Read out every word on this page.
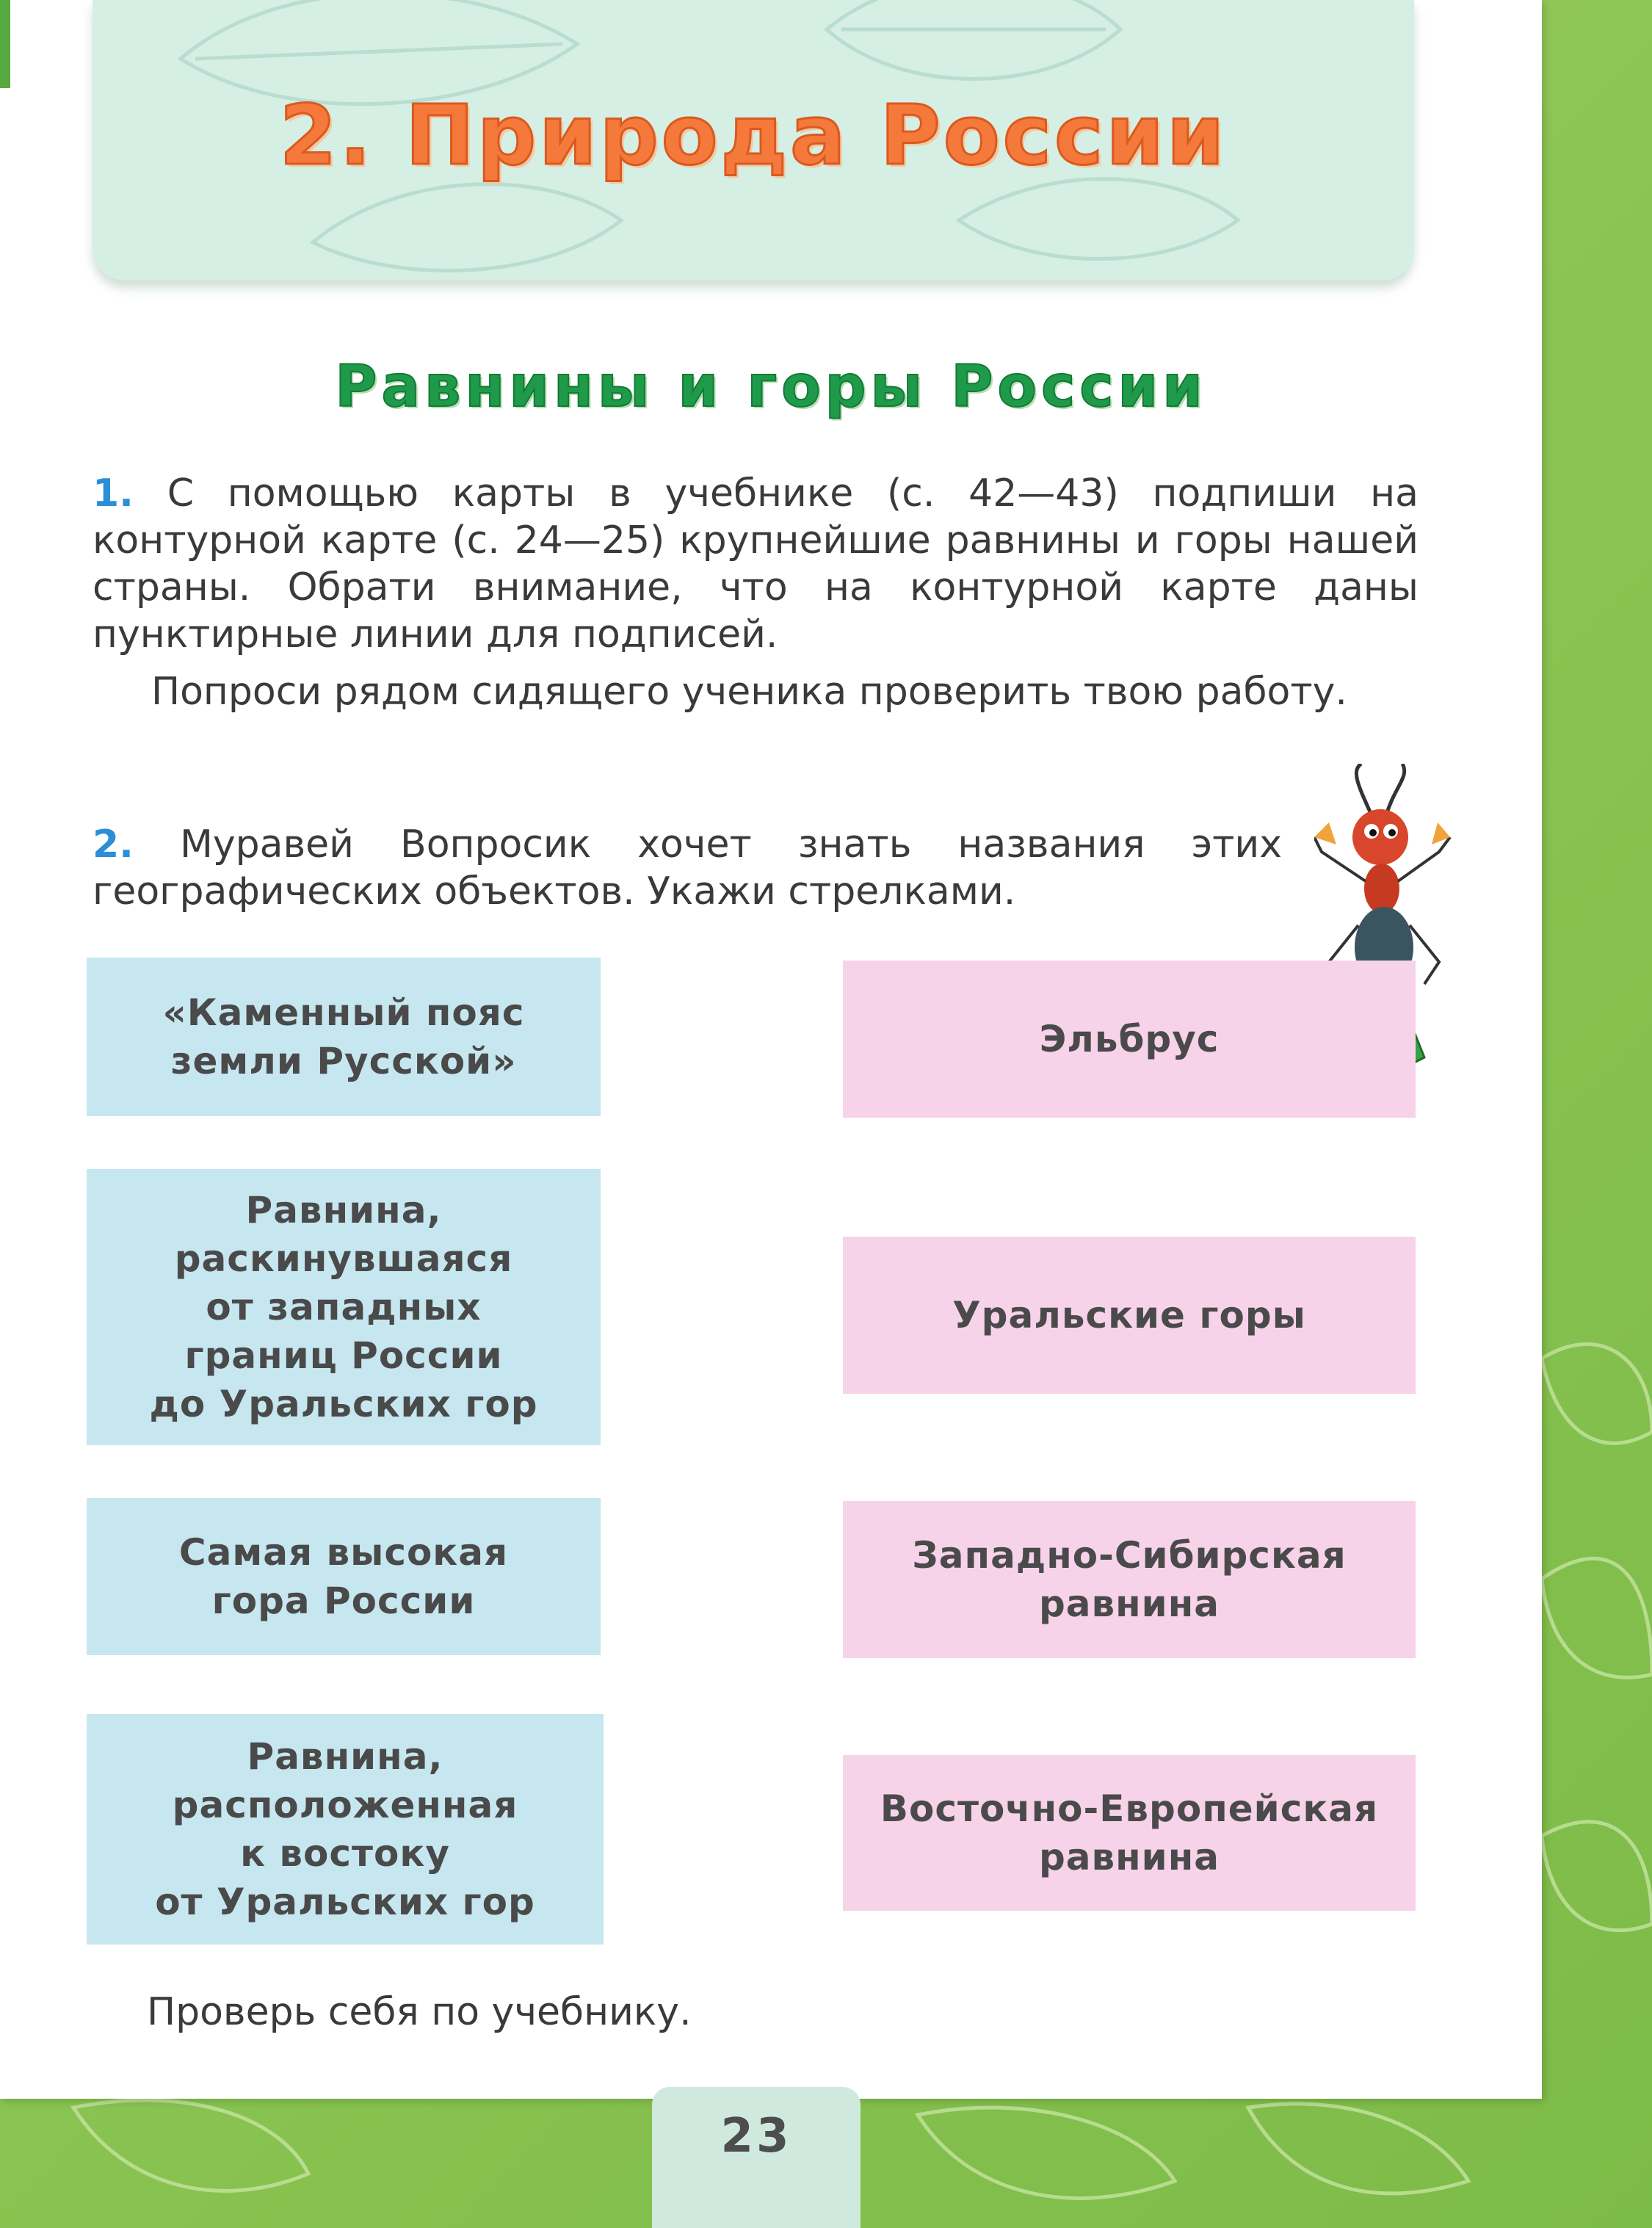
2. Природа России
Равнины и горы России

1. С помощью карты в учебнике (с. 42—43) подпиши на контурной карте (с. 24—25) крупнейшие равнины и горы нашей страны. Обрати внимание, что на контурной карте даны пунктирные линии для подписей.

Попроси рядом сидящего ученика проверить твою работу.

2. Муравей Вопросик хочет знать названия этих географических объектов. Укажи стрелками.

«Каменный пояс
земли Русской»
Равнина,
раскинувшаяся
от западных
границ России
до Уральских гор
Самая высокая
гора России
Равнина,
расположенная
к востоку
от Уральских гор
Эльбрус
Уральские горы
Западно-Сибирская
равнина
Восточно-Европейская
равнина

Проверь себя по учебнику.

23
